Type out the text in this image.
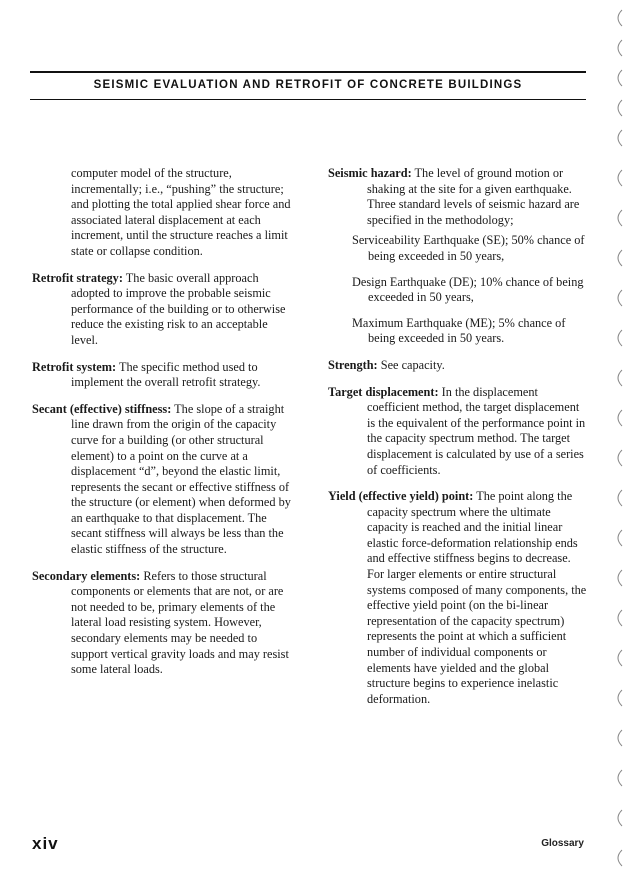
SEISMIC EVALUATION AND RETROFIT OF CONCRETE BUILDINGS

computer model of the structure, incrementally; i.e., “pushing” the structure; and plotting the total applied shear force and associated lateral displacement at each increment, until the structure reaches a limit state or collapse condition.

Retrofit strategy: The basic overall approach adopted to improve the probable seismic performance of the building or to otherwise reduce the existing risk to an acceptable level.

Retrofit system: The specific method used to implement the overall retrofit strategy.

Secant (effective) stiffness: The slope of a straight line drawn from the origin of the capacity curve for a building (or other structural element) to a point on the curve at a displacement “d”, beyond the elastic limit, represents the secant or effective stiffness of the structure (or element) when deformed by an earthquake to that displacement. The secant stiffness will always be less than the elastic stiffness of the structure.

Secondary elements: Refers to those structural components or elements that are not, or are not needed to be, primary elements of the lateral load resisting system. However, secondary elements may be needed to support vertical gravity loads and may resist some lateral loads.

Seismic hazard: The level of ground motion or shaking at the site for a given earthquake. Three standard levels of seismic hazard are specified in the methodology;

Serviceability Earthquake (SE); 50% chance of being exceeded in 50 years,

Design Earthquake (DE); 10% chance of being exceeded in 50 years,

Maximum Earthquake (ME); 5% chance of being exceeded in 50 years.

Strength: See capacity.

Target displacement: In the displacement coefficient method, the target displacement is the equivalent of the performance point in the capacity spectrum method. The target displacement is calculated by use of a series of coefficients.

Yield (effective yield) point: The point along the capacity spectrum where the ultimate capacity is reached and the initial linear elastic force-deformation relationship ends and effective stiffness begins to decrease. For larger elements or entire structural systems composed of many components, the effective yield point (on the bi-linear representation of the capacity spectrum) represents the point at which a sufficient number of individual components or elements have yielded and the global structure begins to experience inelastic deformation.

xiv	Glossary
